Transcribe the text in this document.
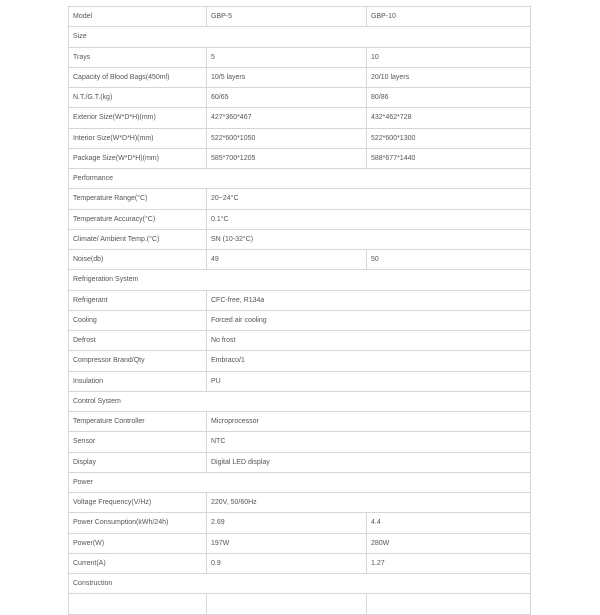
Model	GBP-5	GBP-10
Size		
Trays	5	10
Capacity of Blood Bags(450ml)	10/5 layers	20/10 layers
N.T./G.T.(kg)	60/65	80/86
Exterior Size(W*D*H)(mm)	427*360*467	432*462*728
Interior Size(W*D*H)(mm)	522*600*1050	522*600*1300
Package Size(W*D*H)(mm)	585*700*1205	588*677*1440
Performance		
Temperature Range(°C)	20~24°C	
Temperature Accuracy(°C)	0.1°C	
Climate/ Ambient Temp.(°C)	SN (10-32°C)	
Noise(db)	49	50
Refrigeration System		
Refrigerant	CFC-free, R134a	
Cooling	Forced air cooling	
Defrost	No frost	
Compressor Brand/Qty	Embraco/1	
Insulation	PU	
Control System		
Temperature Controller	Microprocessor	
Sensor	NTC	
Display	Digital LED display	
Power		
Voltage Frequency(V/Hz)	220V, 50/60Hz	
Power Consumption(kWh/24h)	2.69	4.4
Power(W)	197W	280W
Current(A)	0.9	1.27
Construction		
